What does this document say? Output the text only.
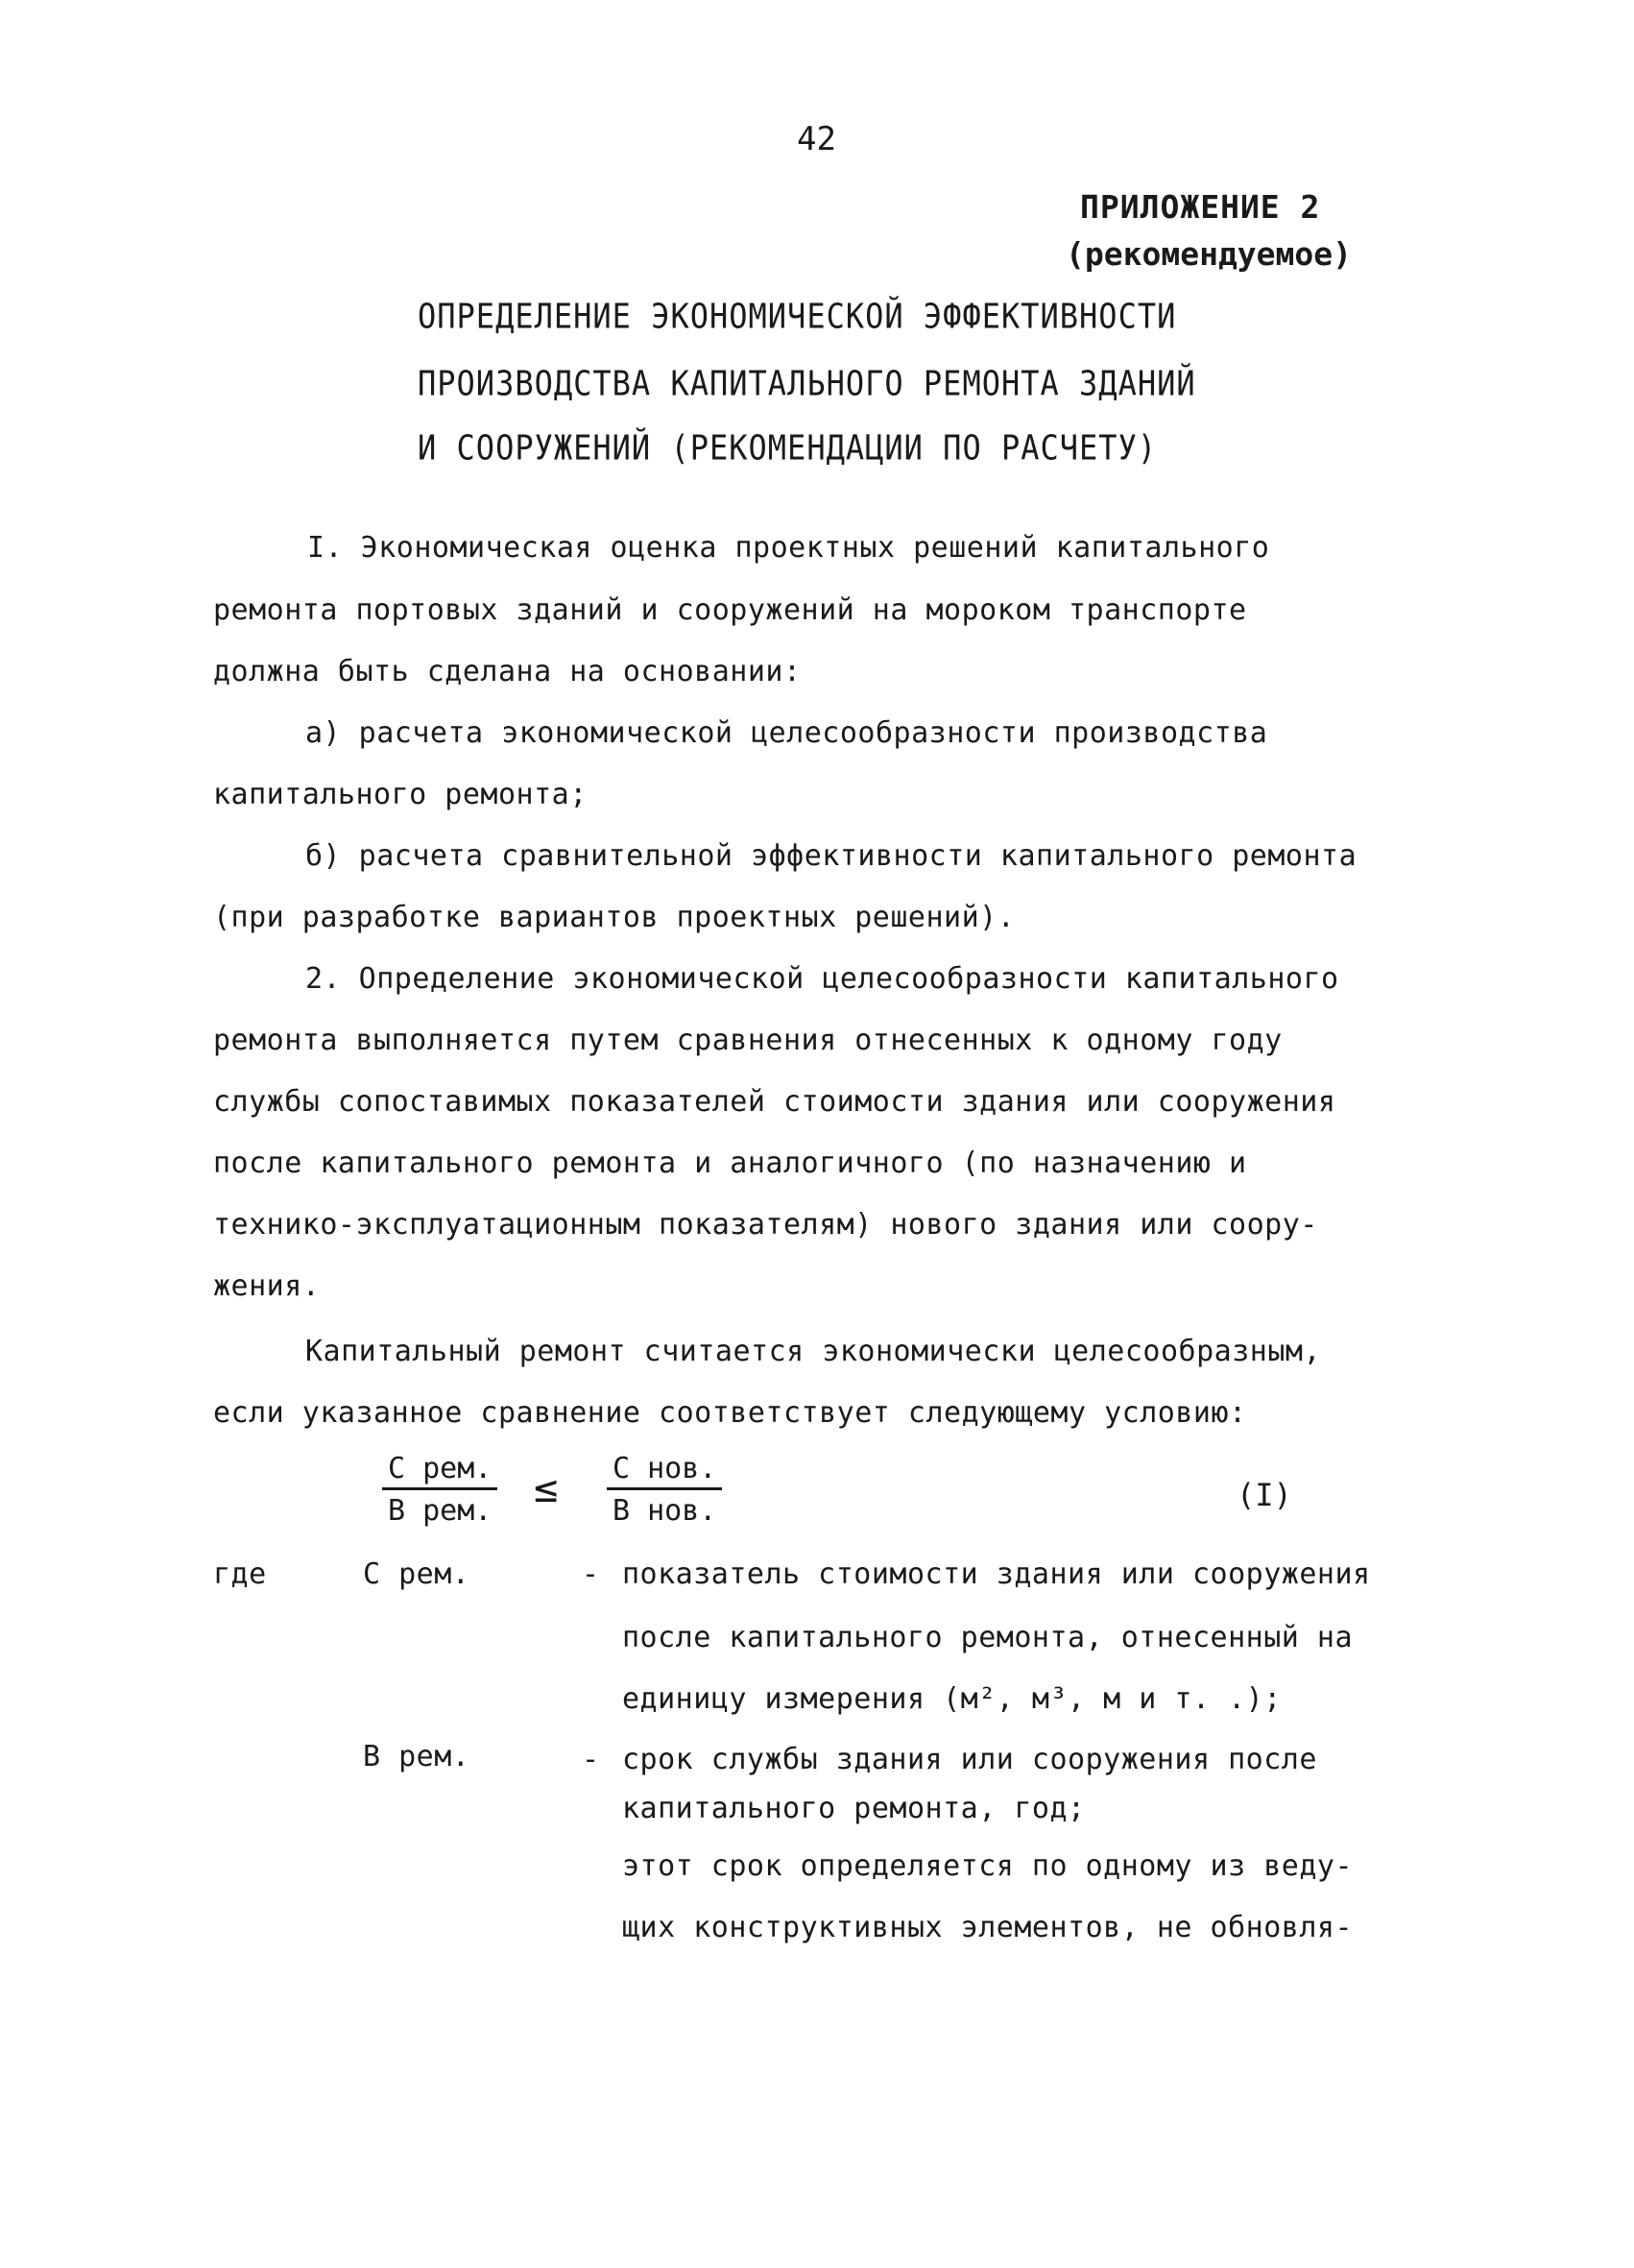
42
ПРИЛОЖЕНИЕ 2
(рекомендуемое)
ОПРЕДЕЛЕНИЕ ЭКОНОМИЧЕСКОЙ ЭФФЕКТИВНОСТИ
ПРОИЗВОДСТВА КАПИТАЛЬНОГО РЕМОНТА ЗДАНИЙ
И СООРУЖЕНИЙ (РЕКОМЕНДАЦИИ ПО РАСЧЕТУ)
I. Экономическая оценка проектных решений капитального
ремонта портовых зданий и сооружений на мороком транспорте
должна быть сделана на основании:
а) расчета экономической целесообразности производства
капитального ремонта;
б) расчета сравнительной эффективности капитального ремонта
(при разработке вариантов проектных решений).
2. Определение экономической целесообразности капитального
ремонта выполняется путем сравнения отнесенных к одному году
службы сопоставимых показателей стоимости здания или сооружения
после капитального ремонта и аналогичного (по назначению и
технико-эксплуатационным показателям) нового здания или соору-
жения.
Капитальный ремонт считается экономически целесообразным,
если указанное сравнение соответствует следующему условию:
С рем.
В рем. ≤ С нов.
В нов.	(I)
где	С рем.	- показатель стоимости здания или сооружения
после капитального ремонта, отнесенный на
единицу измерения (м², м³, м и т. .);
В рем.	- срок службы здания или сооружения после
капитального ремонта, год;
этот срок определяется по одному из веду-
щих конструктивных элементов, не обновля-
